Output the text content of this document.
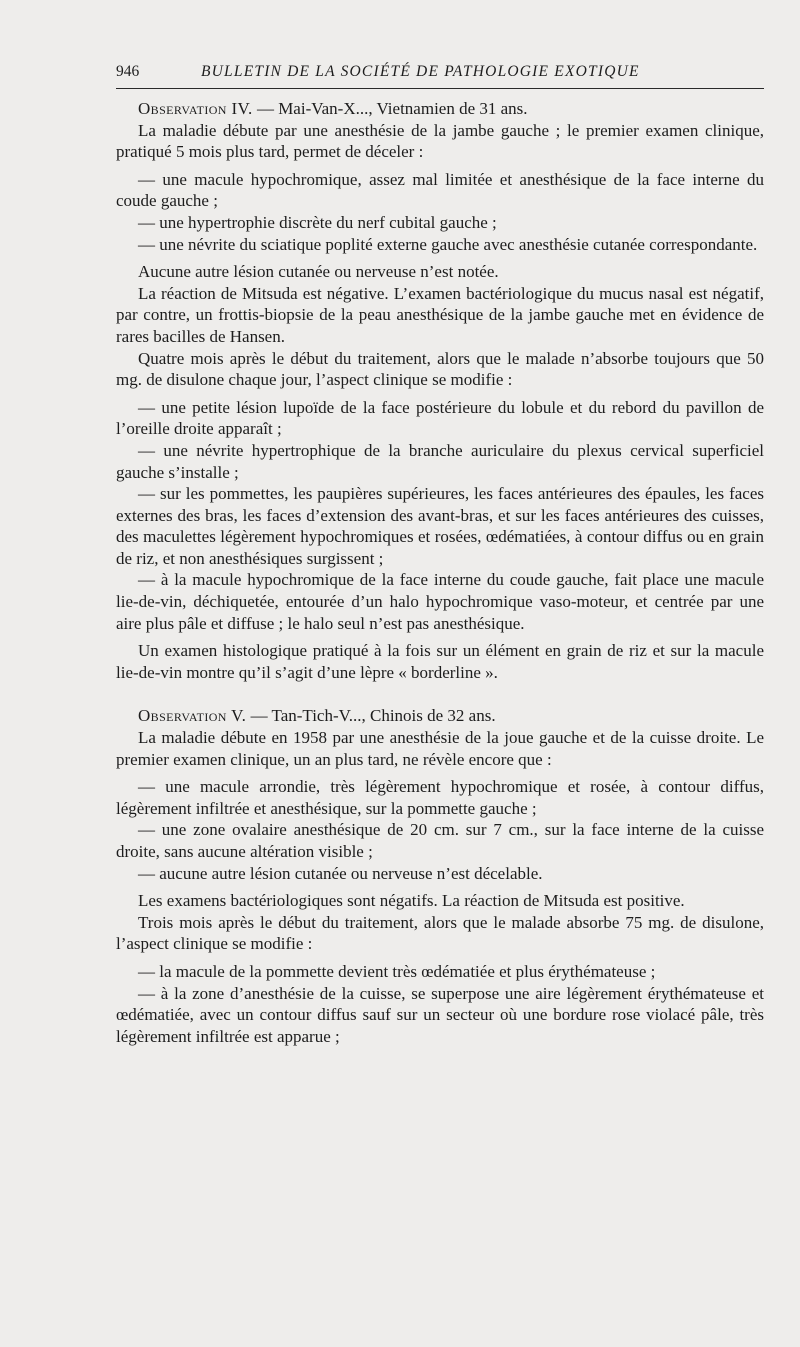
946	BULLETIN DE LA SOCIÉTÉ DE PATHOLOGIE EXOTIQUE

Observation IV. — Mai-Van-X..., Vietnamien de 31 ans.

La maladie débute par une anesthésie de la jambe gauche ; le premier examen clinique, pratiqué 5 mois plus tard, permet de déceler :

— une macule hypochromique, assez mal limitée et anesthésique de la face interne du coude gauche ;

— une hypertrophie discrète du nerf cubital gauche ;

— une névrite du sciatique poplité externe gauche avec anesthésie cutanée correspondante.

Aucune autre lésion cutanée ou nerveuse n’est notée.

La réaction de Mitsuda est négative. L’examen bactériologique du mucus nasal est négatif, par contre, un frottis-biopsie de la peau anesthésique de la jambe gauche met en évidence de rares bacilles de Hansen.

Quatre mois après le début du traitement, alors que le malade n’absorbe toujours que 50 mg. de disulone chaque jour, l’aspect clinique se modifie :

— une petite lésion lupoïde de la face postérieure du lobule et du rebord du pavillon de l’oreille droite apparaît ;

— une névrite hypertrophique de la branche auriculaire du plexus cervical superficiel gauche s’installe ;

— sur les pommettes, les paupières supérieures, les faces antérieures des épaules, les faces externes des bras, les faces d’extension des avant-bras, et sur les faces antérieures des cuisses, des maculettes légèrement hypochromiques et rosées, œdématiées, à contour diffus ou en grain de riz, et non anesthésiques surgissent ;

— à la macule hypochromique de la face interne du coude gauche, fait place une macule lie-de-vin, déchiquetée, entourée d’un halo hypochromique vaso-moteur, et centrée par une aire plus pâle et diffuse ; le halo seul n’est pas anesthésique.

Un examen histologique pratiqué à la fois sur un élément en grain de riz et sur la macule lie-de-vin montre qu’il s’agit d’une lèpre « borderline ».

Observation V. — Tan-Tich-V..., Chinois de 32 ans.

La maladie débute en 1958 par une anesthésie de la joue gauche et de la cuisse droite. Le premier examen clinique, un an plus tard, ne révèle encore que :

— une macule arrondie, très légèrement hypochromique et rosée, à contour diffus, légèrement infiltrée et anesthésique, sur la pommette gauche ;

— une zone ovalaire anesthésique de 20 cm. sur 7 cm., sur la face interne de la cuisse droite, sans aucune altération visible ;

— aucune autre lésion cutanée ou nerveuse n’est décelable.

Les examens bactériologiques sont négatifs. La réaction de Mitsuda est positive.

Trois mois après le début du traitement, alors que le malade absorbe 75 mg. de disulone, l’aspect clinique se modifie :

— la macule de la pommette devient très œdématiée et plus érythémateuse ;

— à la zone d’anesthésie de la cuisse, se superpose une aire légèrement érythémateuse et œdématiée, avec un contour diffus sauf sur un secteur où une bordure rose violacé pâle, très légèrement infiltrée est apparue ;
